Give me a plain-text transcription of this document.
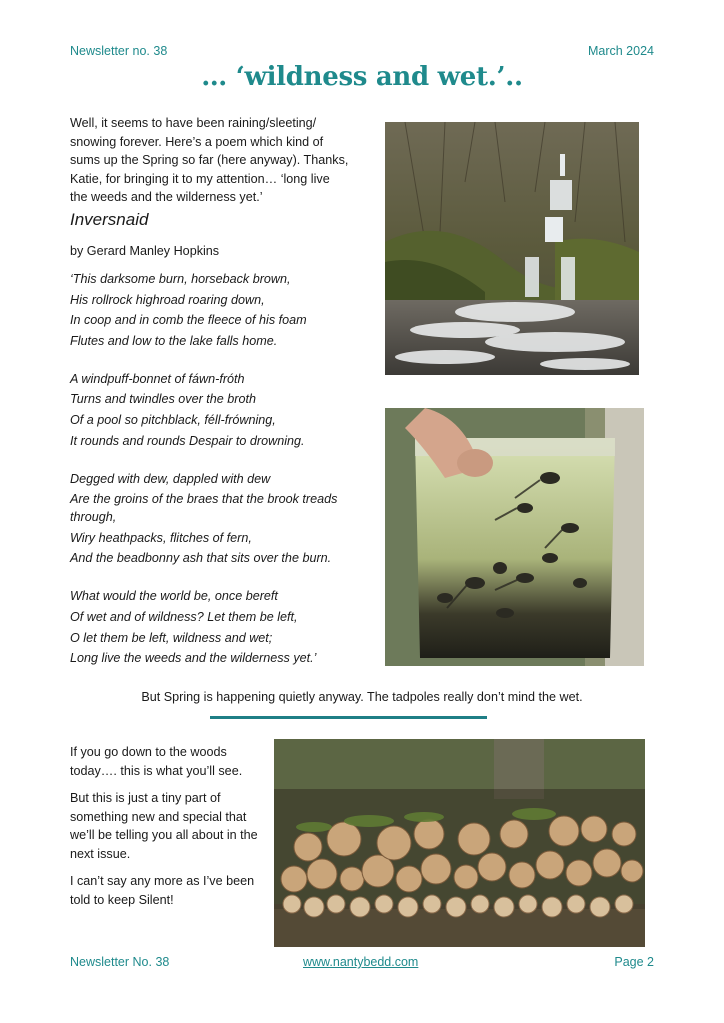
Newsletter no. 38	March 2024
… ‘wildness and wet.’..
Well, it seems to have been raining/sleeting/ snowing forever. Here’s a poem which kind of sums up the Spring so far (here anyway). Thanks, Katie, for bringing it to my attention… ‘long live the weeds and the wilderness yet.’
Inversnaid
by Gerard Manley Hopkins
‘This darksome burn, horseback brown,
His rollrock highroad roaring down,
In coop and in comb the fleece of his foam
Flutes and low to the lake falls home.
A windpuff-bonnet of fáwn-fróth
Turns and twindles over the broth
Of a pool so pitchblack, féll-frówning,
It rounds and rounds Despair to drowning.
Degged with dew, dappled with dew
Are the groins of the braes that the brook treads through,
Wiry heathpacks, flitches of fern,
And the beadbonny ash that sits over the burn.
What would the world be, once bereft
Of wet and of wildness? Let them be left,
O let them be left, wildness and wet;
Long live the weeds and the wilderness yet.’
But Spring is happening quietly anyway. The tadpoles really don’t mind the wet.

If you go down to the woods today…. this is what you’ll see.

But this is just a tiny part of something new and special that we’ll be telling you all about in the next issue.

I can’t say any more as I’ve been told to keep Silent!

Newsletter No. 38	www.nantybedd.com	Page 2
